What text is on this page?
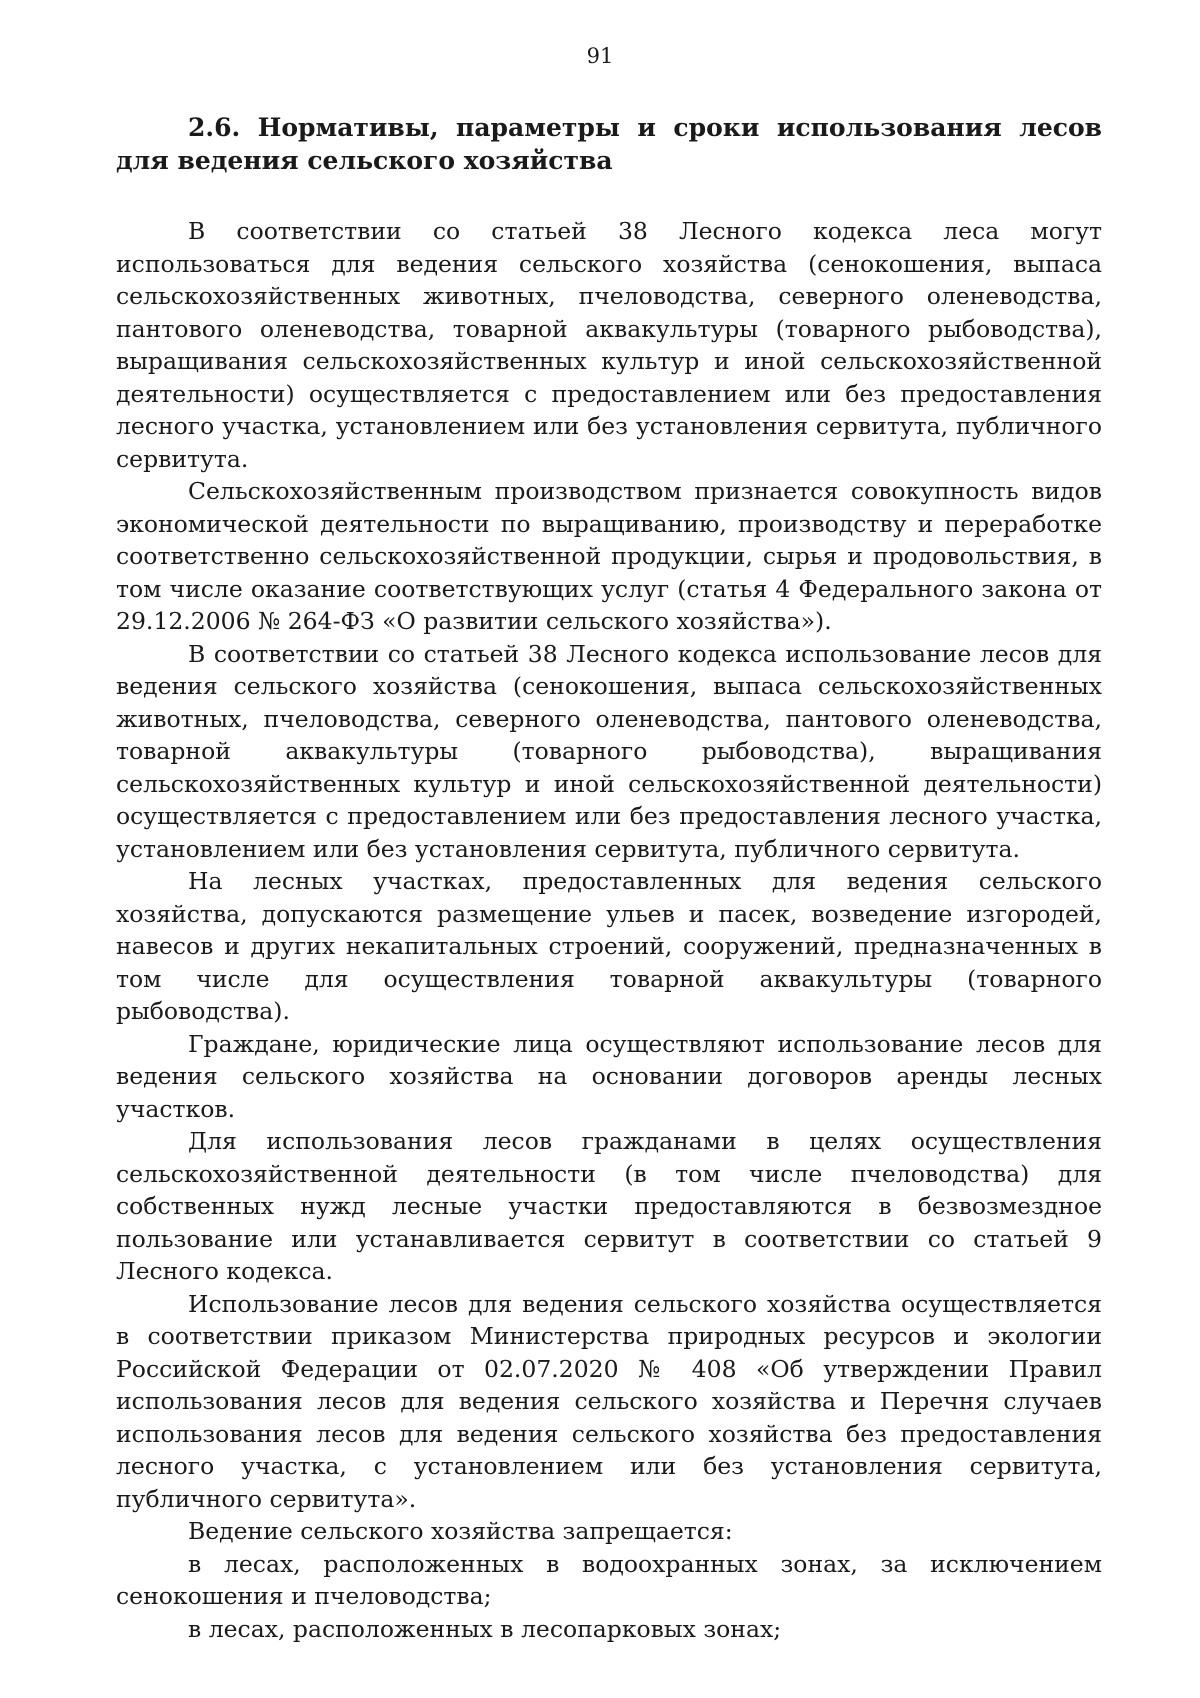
91
2.6. Нормативы, параметры и сроки использования лесов для ведения сельского хозяйства

В соответствии со статьей 38 Лесного кодекса леса могут использоваться для ведения сельского хозяйства (сенокошения, выпаса сельскохозяйственных животных, пчеловодства, северного оленеводства, пантового оленеводства, товарной аквакультуры (товарного рыбоводства), выращивания сельскохозяйственных культур и иной сельскохозяйственной деятельности) осуществляется с предоставлением или без предоставления лесного участка, установлением или без установления сервитута, публичного сервитута.

Сельскохозяйственным производством признается совокупность видов экономической деятельности по выращиванию, производству и переработке соответственно сельскохозяйственной продукции, сырья и продовольствия, в том числе оказание соответствующих услуг (статья 4 Федерального закона от 29.12.2006 № 264-ФЗ «О развитии сельского хозяйства»).

В соответствии со статьей 38 Лесного кодекса использование лесов для ведения сельского хозяйства (сенокошения, выпаса сельскохозяйственных животных, пчеловодства, северного оленеводства, пантового оленеводства, товарной аквакультуры (товарного рыбоводства), выращивания сельскохозяйственных культур и иной сельскохозяйственной деятельности) осуществляется с предоставлением или без предоставления лесного участка, установлением или без установления сервитута, публичного сервитута.

На лесных участках, предоставленных для ведения сельского хозяйства, допускаются размещение ульев и пасек, возведение изгородей, навесов и других некапитальных строений, сооружений, предназначенных в том числе для осуществления товарной аквакультуры (товарного рыбоводства).

Граждане, юридические лица осуществляют использование лесов для ведения сельского хозяйства на основании договоров аренды лесных участков.

Для использования лесов гражданами в целях осуществления сельскохозяйственной деятельности (в том числе пчеловодства) для собственных нужд лесные участки предоставляются в безвозмездное пользование или устанавливается сервитут в соответствии со статьей 9 Лесного кодекса.

Использование лесов для ведения сельского хозяйства осуществляется в соответствии приказом Министерства природных ресурсов и экологии Российской Федерации от 02.07.2020 № 408 «Об утверждении Правил использования лесов для ведения сельского хозяйства и Перечня случаев использования лесов для ведения сельского хозяйства без предоставления лесного участка, с установлением или без установления сервитута, публичного сервитута».

Ведение сельского хозяйства запрещается:

в лесах, расположенных в водоохранных зонах, за исключением сенокошения и пчеловодства;

в лесах, расположенных в лесопарковых зонах;
